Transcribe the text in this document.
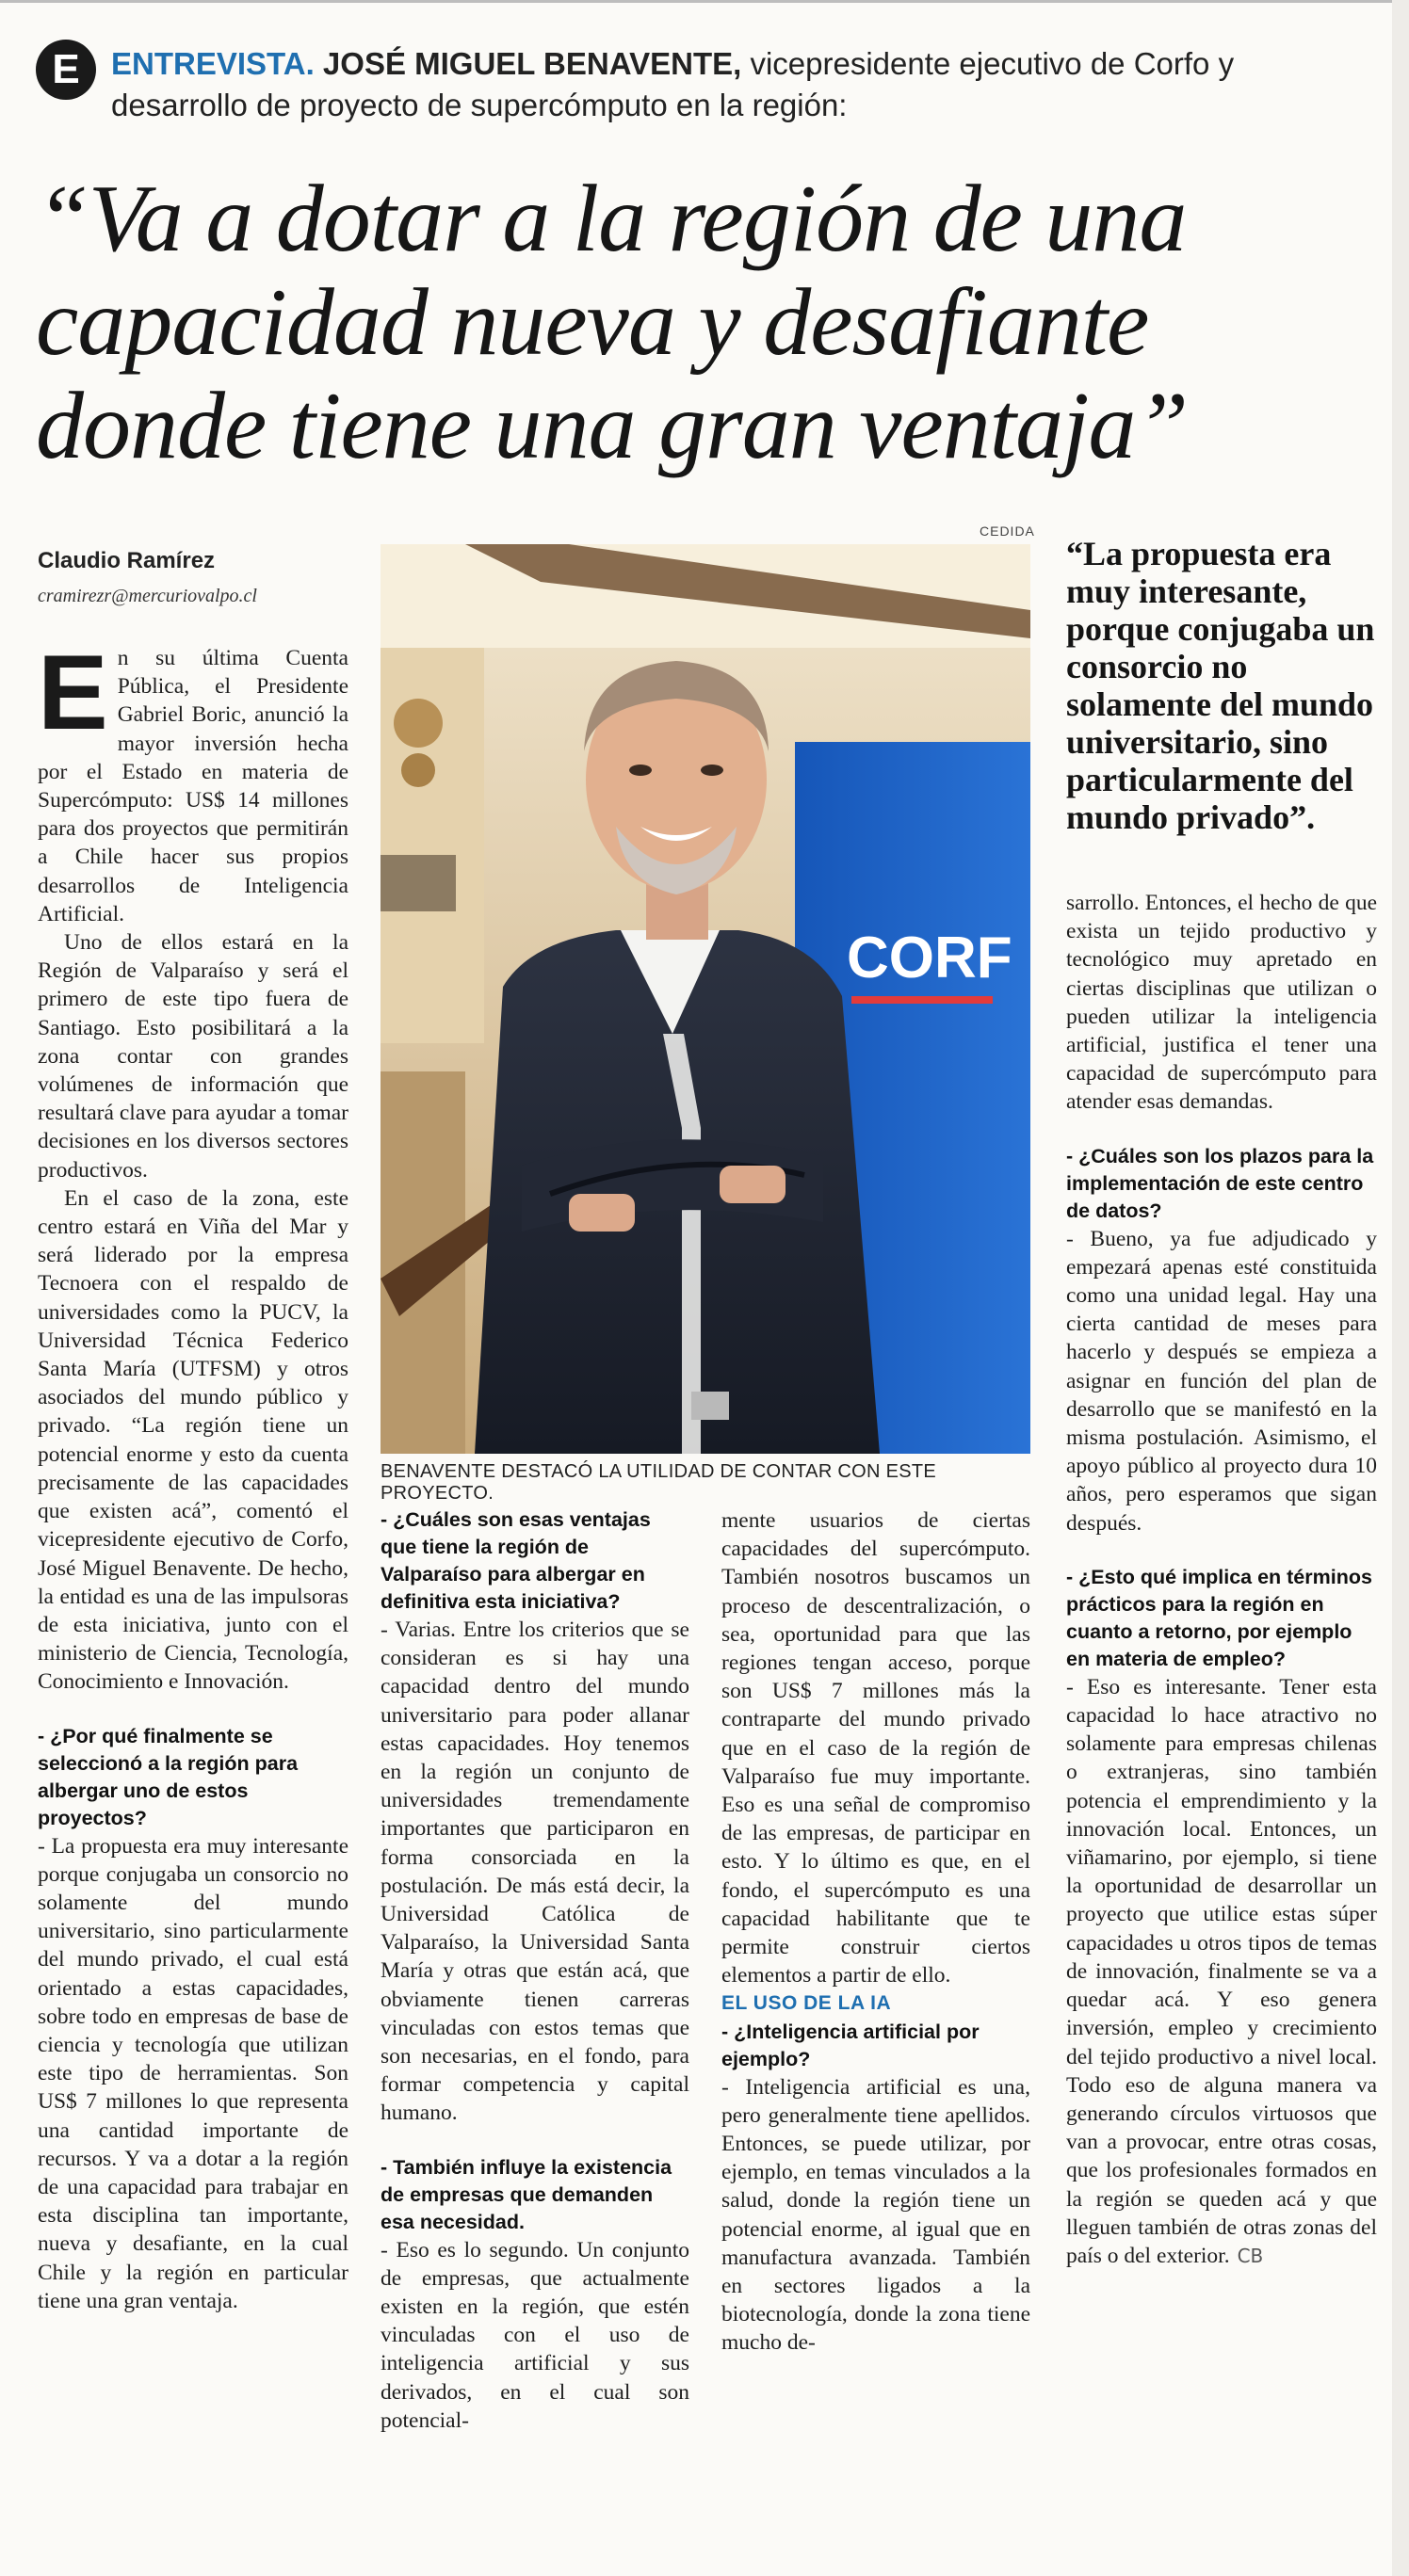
E	ENTREVISTA. JOSÉ MIGUEL BENAVENTE, vicepresidente ejecutivo de Corfo y desarrollo de proyecto de supercómputo en la región:
“Va a dotar a la región de una capacidad nueva y desafiante donde tiene una gran ventaja”
Claudio Ramírez
cramirezr@mercuriovalpo.cl
CEDIDA
CORF
BENAVENTE DESTACÓ LA UTILIDAD DE CONTAR CON ESTE PROYECTO.
“La propuesta era muy interesante, porque conjugaba un consorcio no solamente del mundo universitario, sino particularmente del mundo privado”.

En su última Cuenta Pública, el Presidente Gabriel Boric, anunció la mayor inversión hecha por el Estado en materia de Supercómputo: US$ 14 millones para dos proyectos que permitirán a Chile hacer sus propios desarrollos de Inteligencia Artificial.

Uno de ellos estará en la Región de Valparaíso y será el primero de este tipo fuera de Santiago. Esto posibilitará a la zona contar con grandes volúmenes de información que resultará clave para ayudar a tomar decisiones en los diversos sectores productivos.

En el caso de la zona, este centro estará en Viña del Mar y será liderado por la empresa Tecnoera con el respaldo de universidades como la PUCV, la Universidad Técnica Federico Santa María (UTFSM) y otros asociados del mundo público y privado. “La región tiene un potencial enorme y esto da cuenta precisamente de las capacidades que existen acá”, comentó el vicepresidente ejecutivo de Corfo, José Miguel Benavente. De hecho, la entidad es una de las impulsoras de esta iniciativa, junto con el ministerio de Ciencia, Tecnología, Conocimiento e Innovación.

- ¿Por qué finalmente se seleccionó a la región para albergar uno de estos proyectos?

- La propuesta era muy interesante porque conjugaba un consorcio no solamente del mundo universitario, sino particularmente del mundo privado, el cual está orientado a estas capacidades, sobre todo en empresas de base de ciencia y tecnología que utilizan este tipo de herramientas. Son US$ 7 millones lo que representa una cantidad importante de recursos. Y va a dotar a la región de una capacidad para trabajar en esta disciplina tan importante, nueva y desafiante, en la cual Chile y la región en particular tiene una gran ventaja.

- ¿Cuáles son esas ventajas que tiene la región de Valparaíso para albergar en definitiva esta iniciativa?

- Varias. Entre los criterios que se consideran es si hay una capacidad dentro del mundo universitario para poder allanar estas capacidades. Hoy tenemos en la región un conjunto de universidades tremendamente importantes que participaron en forma consorciada en la postulación. De más está decir, la Universidad Católica de Valparaíso, la Universidad Santa María y otras que están acá, que obviamente tienen carreras vinculadas con estos temas que son necesarias, en el fondo, para formar competencia y capital humano.

- También influye la existencia de empresas que demanden esa necesidad.

- Eso es lo segundo. Un conjunto de empresas, que actualmente existen en la región, que estén vinculadas con el uso de inteligencia artificial y sus derivados, en el cual son potencial-

mente usuarios de ciertas capacidades del supercómputo. También nosotros buscamos un proceso de descentralización, o sea, oportunidad para que las regiones tengan acceso, porque son US$ 7 millones más la contraparte del mundo privado que en el caso de la región de Valparaíso fue muy importante. Eso es una señal de compromiso de las empresas, de participar en esto. Y lo último es que, en el fondo, el supercómputo es una capacidad habilitante que te permite construir ciertos elementos a partir de ello.

EL USO DE LA IA

- ¿Inteligencia artificial por ejemplo?

- Inteligencia artificial es una, pero generalmente tiene apellidos. Entonces, se puede utilizar, por ejemplo, en temas vinculados a la salud, donde la región tiene un potencial enorme, al igual que en manufactura avanzada. También en sectores ligados a la biotecnología, donde la zona tiene mucho de-

sarrollo. Entonces, el hecho de que exista un tejido productivo y tecnológico muy apretado en ciertas disciplinas que utilizan o pueden utilizar la inteligencia artificial, justifica el tener una capacidad de supercómputo para atender esas demandas.

- ¿Cuáles son los plazos para la implementación de este centro de datos?

- Bueno, ya fue adjudicado y empezará apenas esté constituida como una unidad legal. Hay una cierta cantidad de meses para hacerlo y después se empieza a asignar en función del plan de desarrollo que se manifestó en la misma postulación. Asimismo, el apoyo público al proyecto dura 10 años, pero esperamos que sigan después.

- ¿Esto qué implica en términos prácticos para la región en cuanto a retorno, por ejemplo en materia de empleo?

- Eso es interesante. Tener esta capacidad lo hace atractivo no solamente para empresas chilenas o extranjeras, sino también potencia el emprendimiento y la innovación local. Entonces, un viñamarino, por ejemplo, si tiene la oportunidad de desarrollar un proyecto que utilice estas súper capacidades u otros tipos de temas de innovación, finalmente se va a quedar acá. Y eso genera inversión, empleo y crecimiento del tejido productivo a nivel local. Todo eso de alguna manera va generando círculos virtuosos que van a provocar, entre otras cosas, que los profesionales formados en la región se queden acá y que lleguen también de otras zonas del país o del exterior. CB
